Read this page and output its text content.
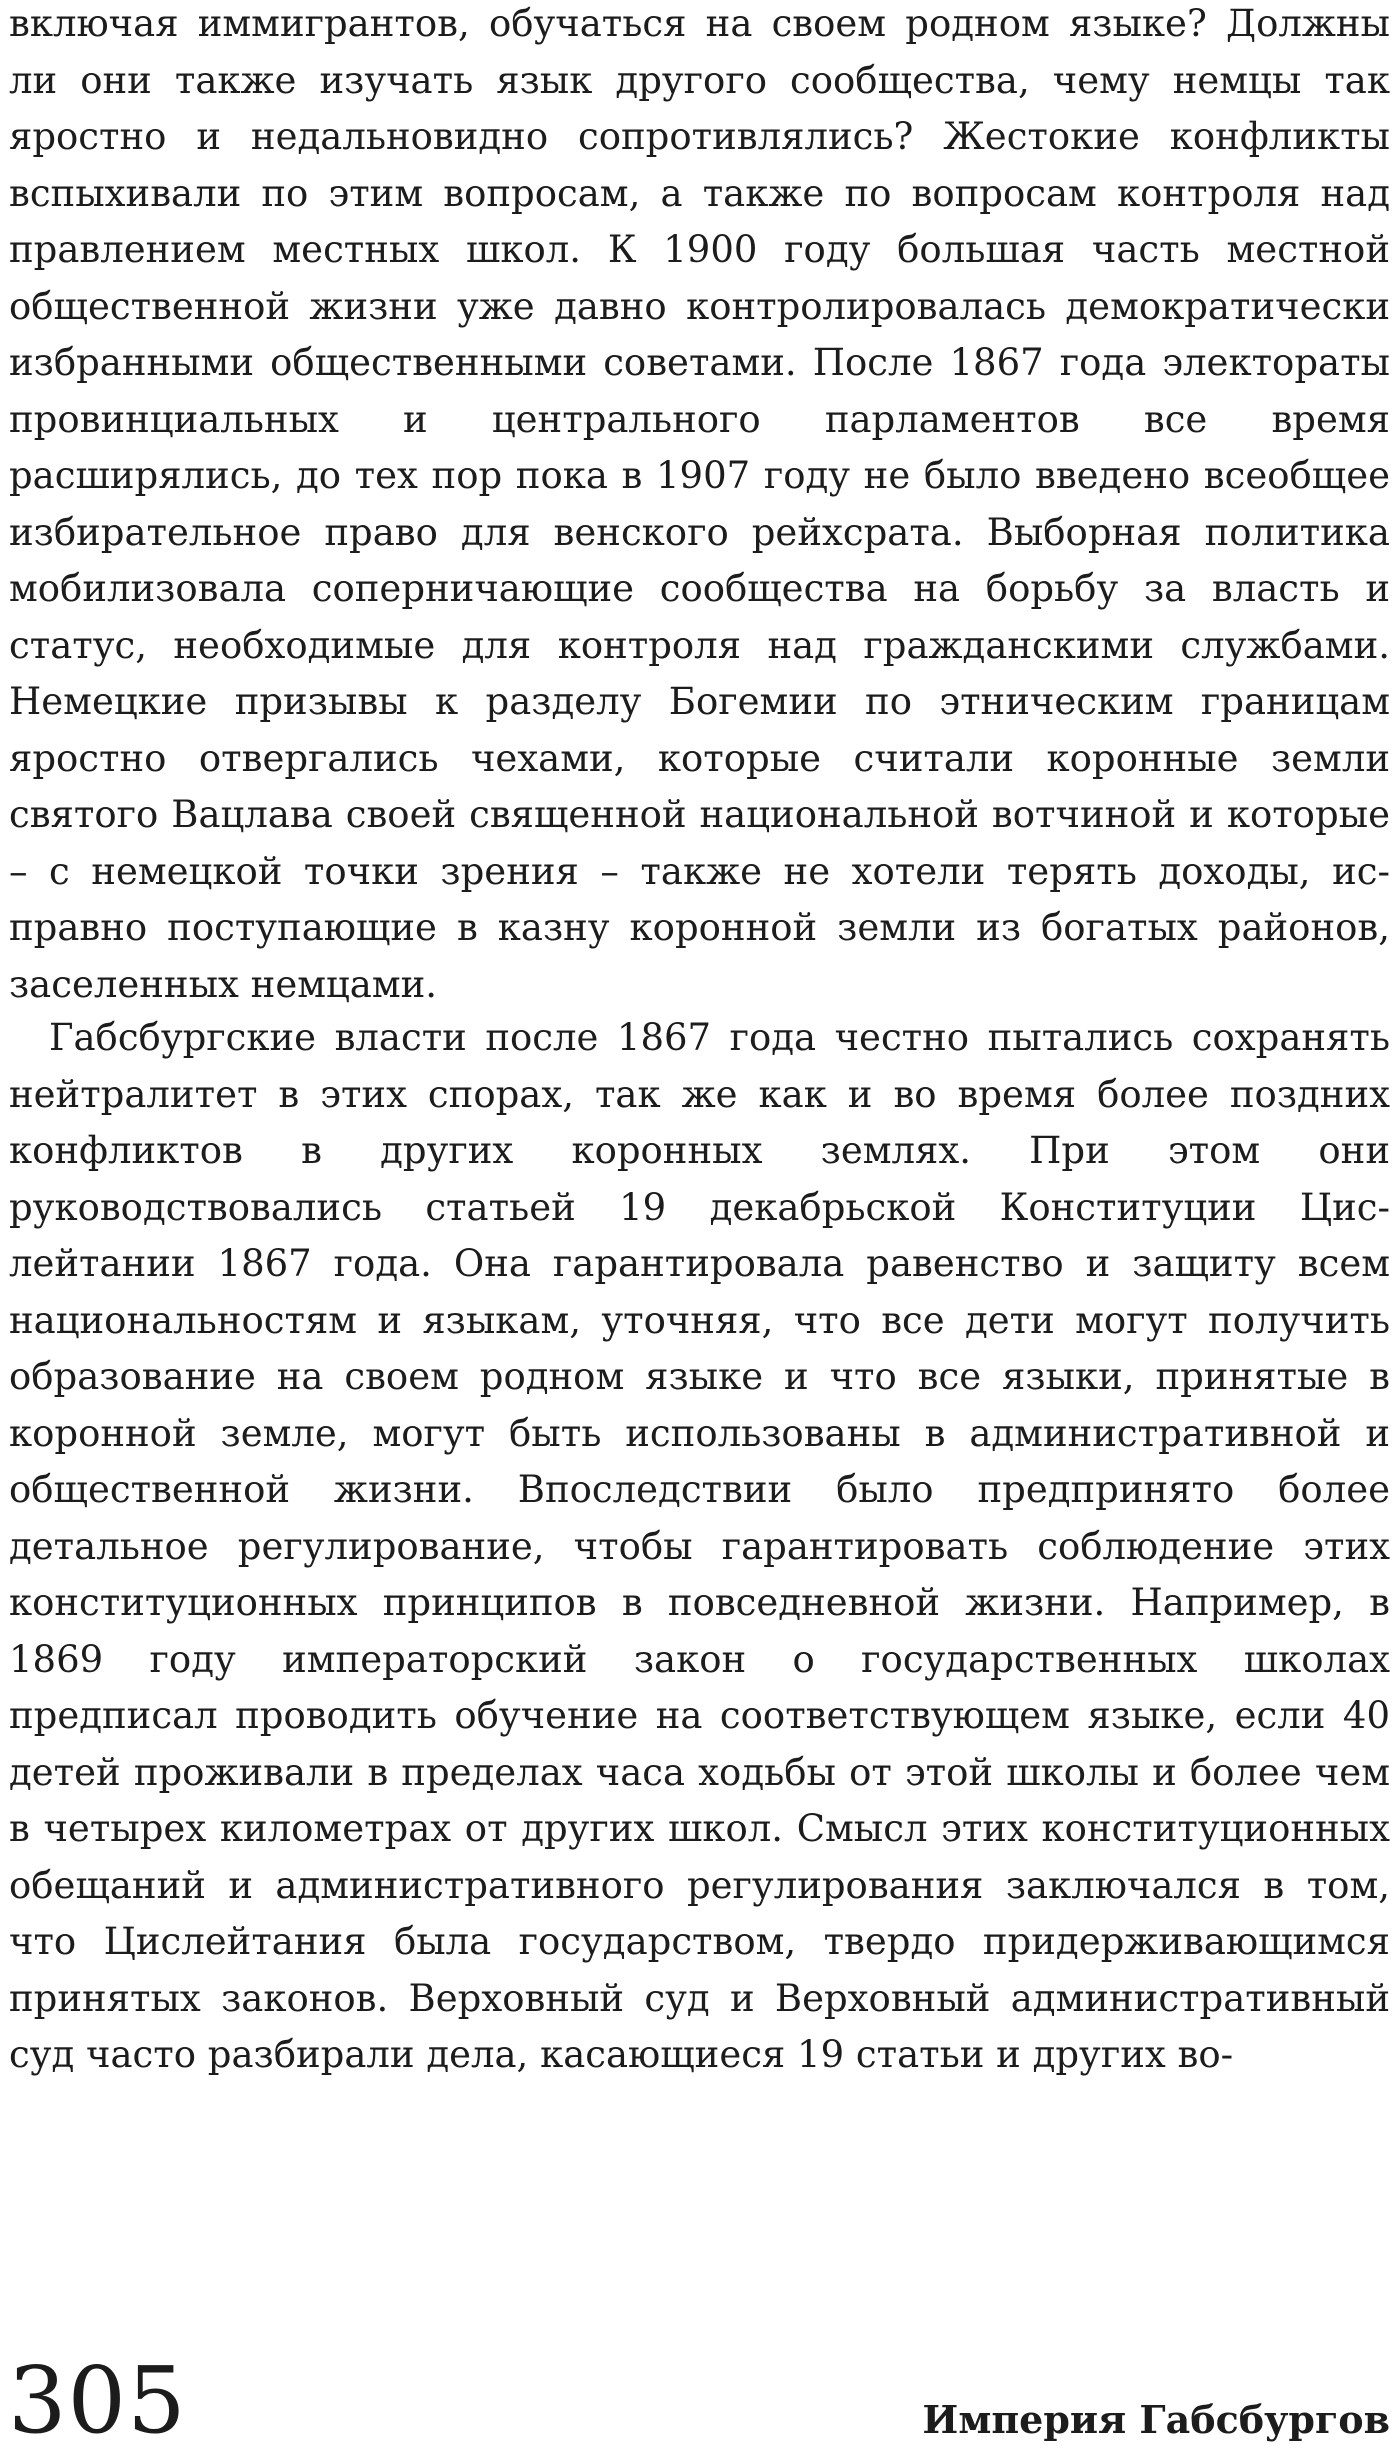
включая иммигрантов, обучаться на своем родном языке? Должны ли они также изучать язык другого сообщества, чему немцы так яростно и недальновидно сопротивлялись? Жестокие конфликты вспыхивали по этим вопросам, а также по вопросам контроля над правлением местных школ. К 1900 году большая часть местной общественной жизни уже давно контролировалась демократически избранными общественными советами. После 1867 года электораты провинциальных и центрального парламентов все время расширялись, до тех пор пока в 1907 году не было введено всеобщее избирательное право для венского рейхсрата. Выборная политика мобилизовала соперничающие сообщества на борьбу за власть и статус, необходимые для контроля над гражданскими службами. Немецкие призывы к разделу Богемии по этническим границам яростно отвергались чехами, которые считали коронные земли святого Вацлава своей священной национальной вотчиной и которые – с немецкой точки зрения – также не хотели терять доходы, исправно поступающие в казну коронной земли из богатых районов, заселенных немцами.

Габсбургские власти после 1867 года честно пытались сохранять нейтралитет в этих спорах, так же как и во время более поздних конфликтов в других коронных землях. При этом они руководствовались статьей 19 декабрьской Конституции Цислейтании 1867 года. Она гарантировала равенство и защиту всем национальностям и языкам, уточняя, что все дети могут получить образование на своем родном языке и что все языки, принятые в коронной земле, могут быть использованы в административной и общественной жизни. Впоследствии было предпринято более детальное регулирование, чтобы гарантировать соблюдение этих конституционных принципов в повседневной жизни. Например, в 1869 году императорский закон о государственных школах предписал проводить обучение на соответствующем языке, если 40 детей проживали в пределах часа ходьбы от этой школы и более чем в четырех километрах от других школ. Смысл этих конституционных обещаний и административного регулирования заключался в том, что Цислейтания была государством, твердо придерживающимся принятых законов. Верховный суд и Верховный административный суд часто разбирали дела, касающиеся 19 статьи и других во-

305	Империя Габсбургов
